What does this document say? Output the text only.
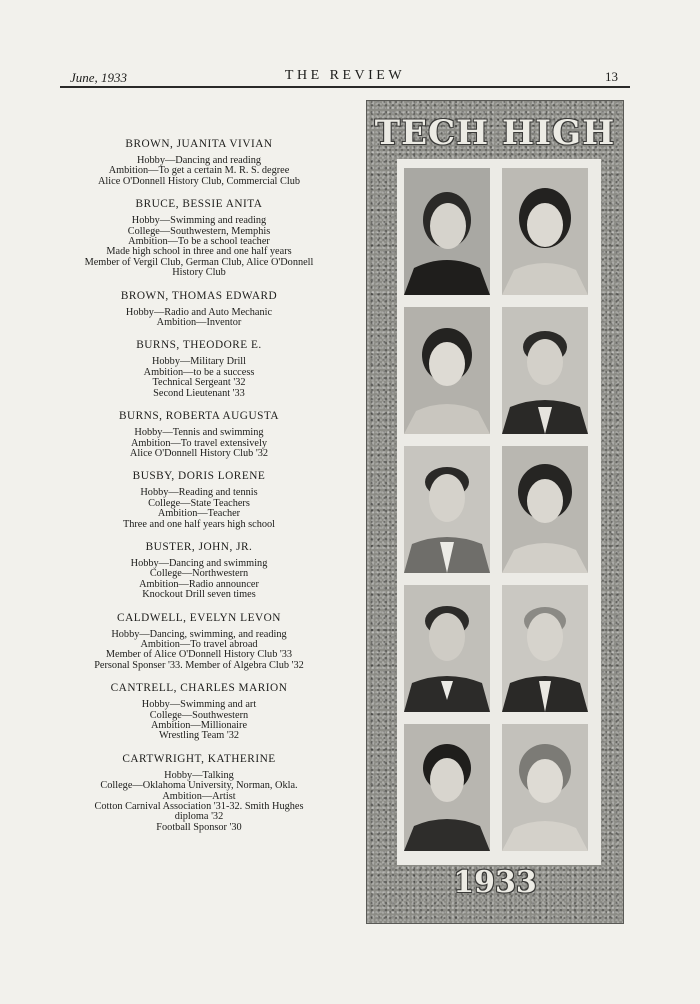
June, 1933	THE REVIEW	13
BROWN, JUANITA VIVIAN
Hobby—Dancing and reading
Ambition—To get a certain M. R. S. degree
Alice O'Donnell History Club, Commercial Club
BRUCE, BESSIE ANITA
Hobby—Swimming and reading
College—Southwestern, Memphis
Ambition—To be a school teacher
Made high school in three and one half years
Member of Vergil Club, German Club, Alice O'Donnell
History Club
BROWN, THOMAS EDWARD
Hobby—Radio and Auto Mechanic
Ambition—Inventor
BURNS, THEODORE E.
Hobby—Military Drill
Ambition—to be a success
Technical Sergeant '32
Second Lieutenant '33
BURNS, ROBERTA AUGUSTA
Hobby—Tennis and swimming
Ambition—To travel extensively
Alice O'Donnell History Club '32
BUSBY, DORIS LORENE
Hobby—Reading and tennis
College—State Teachers
Ambition—Teacher
Three and one half years high school
BUSTER, JOHN, JR.
Hobby—Dancing and swimming
College—Northwestern
Ambition—Radio announcer
Knockout Drill seven times
CALDWELL, EVELYN LEVON
Hobby—Dancing, swimming, and reading
Ambition—To travel abroad
Member of Alice O'Donnell History Club '33
Personal Sponser '33. Member of Algebra Club '32
CANTRELL, CHARLES MARION
Hobby—Swimming and art
College—Southwestern
Ambition—Millionaire
Wrestling Team '32
CARTWRIGHT, KATHERINE
Hobby—Talking
College—Oklahoma University, Norman, Okla.
Ambition—Artist
Cotton Carnival Association '31-32. Smith Hughes
diploma '32
Football Sponsor '30
TECH HIGH
1933
